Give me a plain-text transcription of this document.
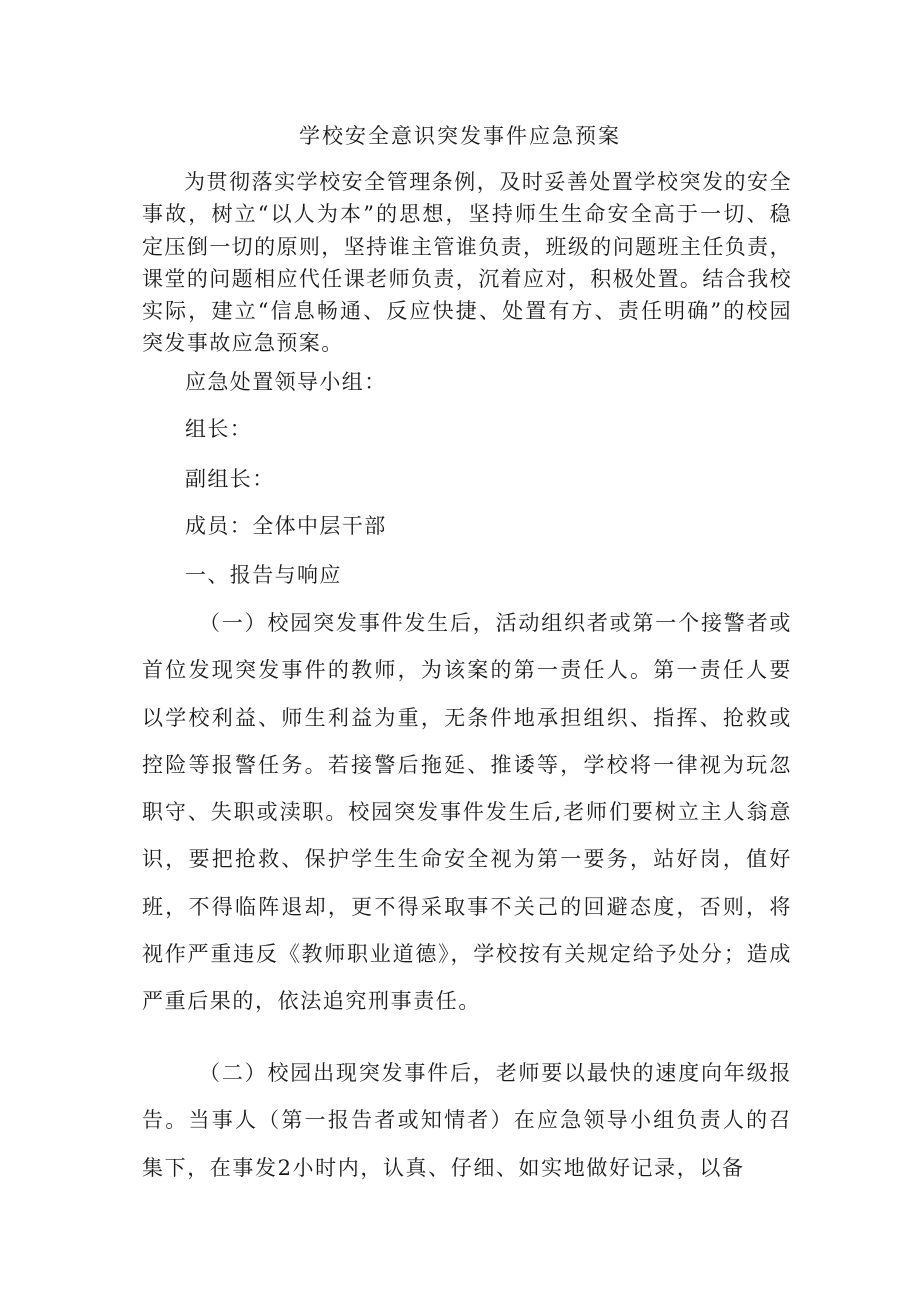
学校安全意识突发事件应急预案
为贯彻落实学校安全管理条例，及时妥善处置学校突发的安全事故，树立“以人为本”的思想，坚持师生生命安全高于一切、稳定压倒一切的原则，坚持谁主管谁负责，班级的问题班主任负责，课堂的问题相应代任课老师负责，沉着应对，积极处置。结合我校实际，建立“信息畅通、反应快捷、处置有方、责任明确”的校园突发事故应急预案。
应急处置领导小组：
组长：
副组长：
成员：全体中层干部
一、报告与响应
（一）校园突发事件发生后，活动组织者或第一个接警者或首位发现突发事件的教师，为该案的第一责任人。第一责任人要以学校利益、师生利益为重，无条件地承担组织、指挥、抢救或控险等报警任务。若接警后拖延、推诿等，学校将一律视为玩忽职守、失职或渎职。校园突发事件发生后,老师们要树立主人翁意识，要把抢救、保护学生生命安全视为第一要务，站好岗，值好班，不得临阵退却，更不得采取事不关己的回避态度，否则，将视作严重违反《教师职业道德》，学校按有关规定给予处分；造成严重后果的，依法追究刑事责任。
（二）校园出现突发事件后，老师要以最快的速度向年级报告。当事人（第一报告者或知情者）在应急领导小组负责人的召集下，在事发2小时内，认真、仔细、如实地做好记录，以备
